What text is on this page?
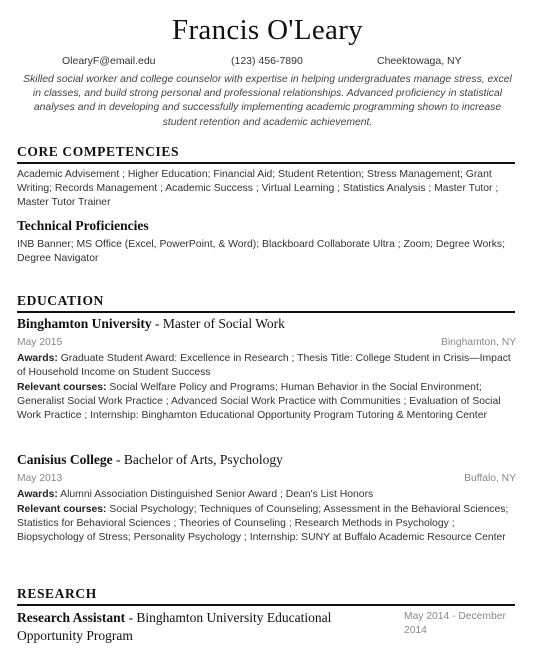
Francis O'Leary
OlearyF@email.edu	(123) 456-7890	Cheektowaga, NY
Skilled social worker and college counselor with expertise in helping undergraduates manage stress, excel in classes, and build strong personal and professional relationships. Advanced proficiency in statistical analyses and in developing and successfully implementing academic programming shown to increase student retention and academic achievement.
CORE COMPETENCIES
Academic Advisement ; Higher Education; Financial Aid; Student Retention; Stress Management; Grant Writing; Records Management ; Academic Success ; Virtual Learning ; Statistics Analysis ; Master Tutor ; Master Tutor Trainer
Technical Proficiencies
INB Banner; MS Office (Excel, PowerPoint, & Word); Blackboard Collaborate Ultra ; Zoom; Degree Works; Degree Navigator
EDUCATION
Binghamton University - Master of Social Work
May 2015	Binghamton, NY
Awards: Graduate Student Award: Excellence in Research ; Thesis Title: College Student in Crisis—Impact of Household Income on Student Success
Relevant courses: Social Welfare Policy and Programs; Human Behavior in the Social Environment; Generalist Social Work Practice ; Advanced Social Work Practice with Communities ; Evaluation of Social Work Practice ; Internship: Binghamton Educational Opportunity Program Tutoring & Mentoring Center
Canisius College - Bachelor of Arts, Psychology
May 2013	Buffalo, NY
Awards: Alumni Association Distinguished Senior Award ; Dean's List Honors
Relevant courses: Social Psychology; Techniques of Counseling; Assessment in the Behavioral Sciences; Statistics for Behavioral Sciences ; Theories of Counseling ; Research Methods in Psychology ; Biopsychology of Stress; Personality Psychology ; Internship: SUNY at Buffalo Academic Resource Center
RESEARCH
Research Assistant - Binghamton University Educational Opportunity Program
May 2014 - December 2014
